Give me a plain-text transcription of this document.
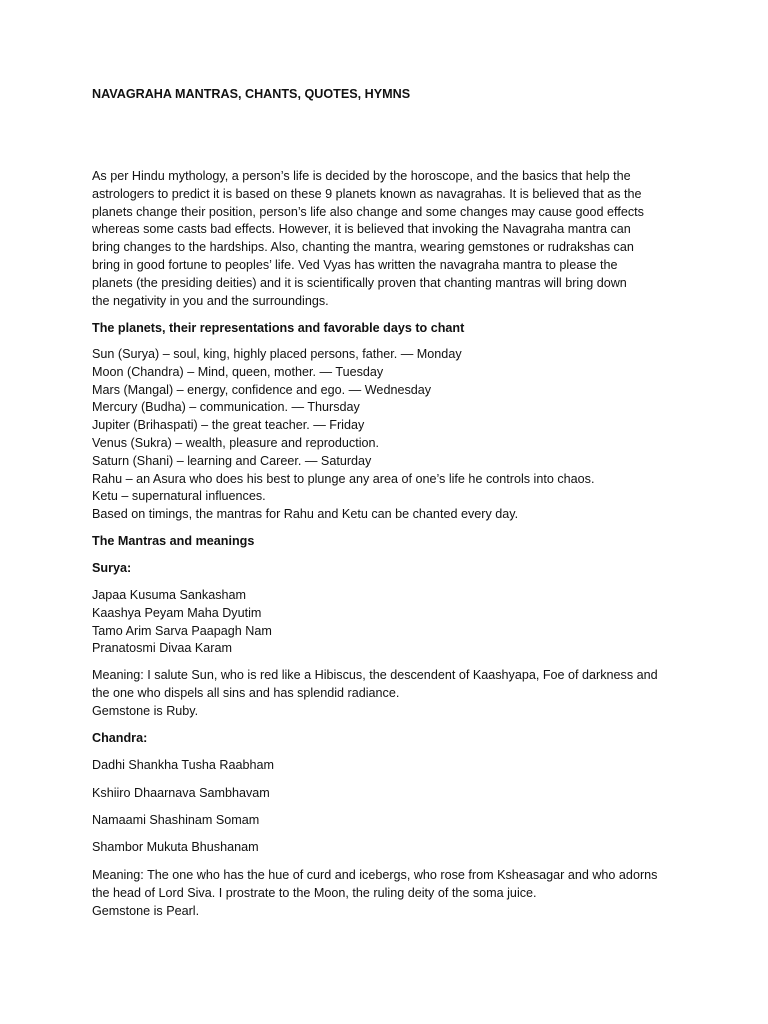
NAVAGRAHA MANTRAS, CHANTS, QUOTES, HYMNS
As per Hindu mythology, a person’s life is decided by the horoscope, and the basics that help the
astrologers to predict it is based on these 9 planets known as navagrahas. It is believed that as the
planets change their position, person’s life also change and some changes may cause good effects
whereas some casts bad effects. However, it is believed that invoking the Navagraha mantra can
bring changes to the hardships. Also, chanting the mantra, wearing gemstones or rudrakshas can
bring in good fortune to peoples’ life. Ved Vyas has written the navagraha mantra to please the
planets (the presiding deities) and it is scientifically proven that chanting mantras will bring down
the negativity in you and the surroundings.
The planets, their representations and favorable days to chant
Sun (Surya) – soul, king, highly placed persons, father. — Monday
Moon (Chandra) – Mind, queen, mother. — Tuesday
Mars (Mangal) – energy, confidence and ego. — Wednesday
Mercury (Budha) – communication. — Thursday
Jupiter (Brihaspati) – the great teacher. — Friday
Venus (Sukra) – wealth, pleasure and reproduction.
Saturn (Shani) – learning and Career. — Saturday
Rahu – an Asura who does his best to plunge any area of one’s life he controls into chaos.
Ketu – supernatural influences.
Based on timings, the mantras for Rahu and Ketu can be chanted every day.
The Mantras and meanings
Surya:
Japaa Kusuma Sankasham
Kaashya Peyam Maha Dyutim
Tamo Arim Sarva Paapagh Nam
Pranatosmi Divaa Karam
Meaning: I salute Sun, who is red like a Hibiscus, the descendent of Kaashyapa, Foe of darkness and
the one who dispels all sins and has splendid radiance.
Gemstone is Ruby.
Chandra:
Dadhi Shankha Tusha Raabham
Kshiiro Dhaarnava Sambhavam
Namaami Shashinam Somam
Shambor Mukuta Bhushanam
Meaning: The one who has the hue of curd and icebergs, who rose from Ksheasagar and who adorns
the head of Lord Siva. I prostrate to the Moon, the ruling deity of the soma juice.
Gemstone is Pearl.
